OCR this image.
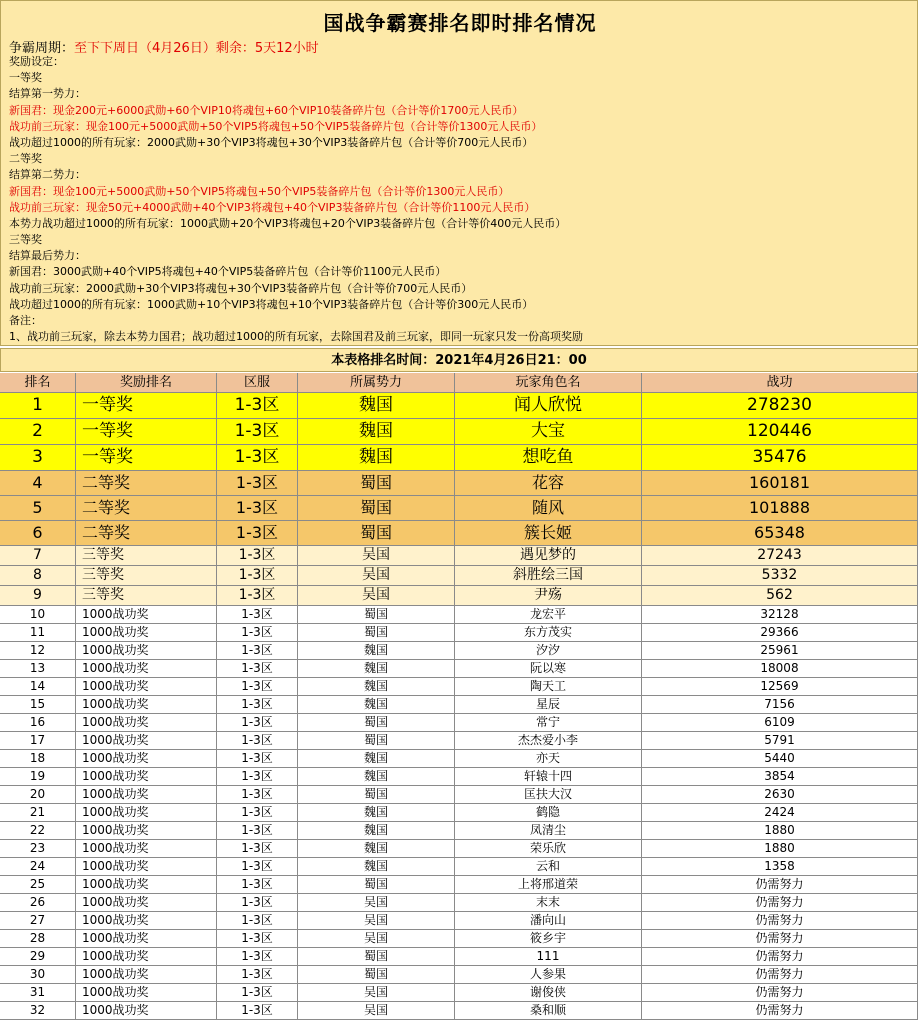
国战争霸赛排名即时排名情况
争霸周期：至下下周日（4月26日）剩余：5天12小时
奖励设定：
一等奖
结算第一势力：
新国君：现金200元+6000武勋+60个VIP10将魂包+60个VIP10装备碎片包（合计等价1700元人民币）
战功前三玩家：现金100元+5000武勋+50个VIP5将魂包+50个VIP5装备碎片包（合计等价1300元人民币）
战功超过1000的所有玩家：2000武勋+30个VIP3将魂包+30个VIP3装备碎片包（合计等价700元人民币）
二等奖
结算第二势力：
新国君：现金100元+5000武勋+50个VIP5将魂包+50个VIP5装备碎片包（合计等价1300元人民币）
战功前三玩家：现金50元+4000武勋+40个VIP3将魂包+40个VIP3装备碎片包（合计等价1100元人民币）
本势力战功超过1000的所有玩家：1000武勋+20个VIP3将魂包+20个VIP3装备碎片包（合计等价400元人民币）
三等奖
结算最后势力：
新国君：3000武勋+40个VIP5将魂包+40个VIP5装备碎片包（合计等价1100元人民币）
战功前三玩家：2000武勋+30个VIP3将魂包+30个VIP3装备碎片包（合计等价700元人民币）
战功超过1000的所有玩家：1000武勋+10个VIP3将魂包+10个VIP3装备碎片包（合计等价300元人民币）
备注：
1、战功前三玩家，除去本势力国君；战功超过1000的所有玩家，去除国君及前三玩家，即同一玩家只发一份高项奖励
本表格排名时间：2021年4月26日21：00
排名	奖励排名	区服	所属势力	玩家角色名	战功
1	一等奖	1-3区	魏国	闻人欣悦	278230
2	一等奖	1-3区	魏国	大宝	120446
3	一等奖	1-3区	魏国	想吃鱼	35476
4	二等奖	1-3区	蜀国	花容	160181
5	二等奖	1-3区	蜀国	随风	101888
6	二等奖	1-3区	蜀国	簇长姬	65348
7	三等奖	1-3区	吴国	遇见梦的	27243
8	三等奖	1-3区	吴国	斜胜绘三国	5332
9	三等奖	1-3区	吴国	尹殇	562
10	1000战功奖	1-3区	蜀国	龙宏平	32128
11	1000战功奖	1-3区	蜀国	东方茂实	29366
12	1000战功奖	1-3区	魏国	汐汐	25961
13	1000战功奖	1-3区	魏国	阮以寒	18008
14	1000战功奖	1-3区	魏国	陶天工	12569
15	1000战功奖	1-3区	魏国	星辰	7156
16	1000战功奖	1-3区	蜀国	常宁	6109
17	1000战功奖	1-3区	蜀国	杰杰爱小李	5791
18	1000战功奖	1-3区	魏国	亦天	5440
19	1000战功奖	1-3区	魏国	轩辕十四	3854
20	1000战功奖	1-3区	蜀国	匡扶大汉	2630
21	1000战功奖	1-3区	魏国	鹤隐	2424
22	1000战功奖	1-3区	魏国	凤清尘	1880
23	1000战功奖	1-3区	魏国	荣乐欣	1880
24	1000战功奖	1-3区	魏国	云和	1358
25	1000战功奖	1-3区	蜀国	上将邢道荣	仍需努力
26	1000战功奖	1-3区	吴国	末末	仍需努力
27	1000战功奖	1-3区	吴国	潘向山	仍需努力
28	1000战功奖	1-3区	吴国	筱乡宇	仍需努力
29	1000战功奖	1-3区	蜀国	111	仍需努力
30	1000战功奖	1-3区	蜀国	人参果	仍需努力
31	1000战功奖	1-3区	吴国	谢俊侠	仍需努力
32	1000战功奖	1-3区	吴国	桑和顺	仍需努力
